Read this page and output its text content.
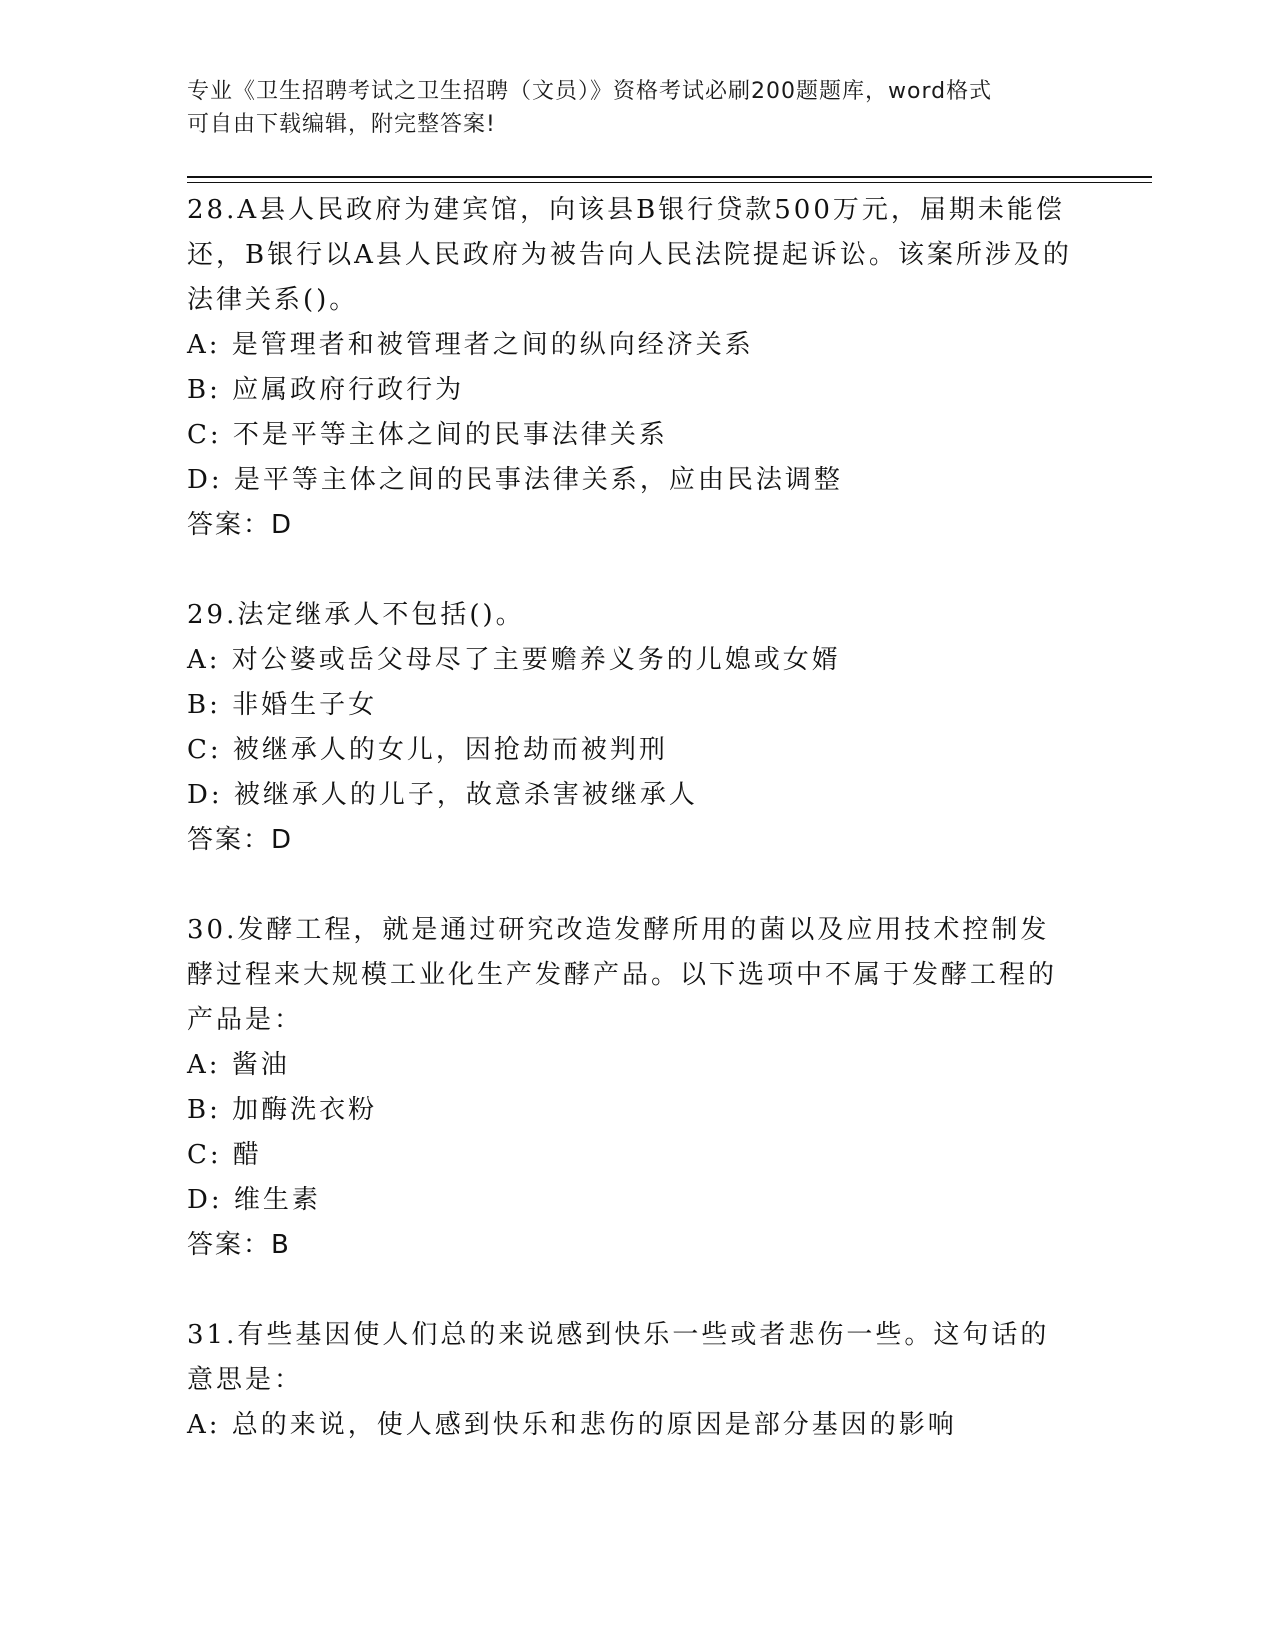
专业《卫生招聘考试之卫生招聘（文员）》资格考试必刷200题题库，word格式
可自由下载编辑，附完整答案!
28.A县人民政府为建宾馆，向该县B银行贷款500万元，届期未能偿还，B银行以A县人民政府为被告向人民法院提起诉讼。该案所涉及的法律关系()。
A: 是管理者和被管理者之间的纵向经济关系
B: 应属政府行政行为
C: 不是平等主体之间的民事法律关系
D: 是平等主体之间的民事法律关系，应由民法调整
答案：D
29.法定继承人不包括()。
A: 对公婆或岳父母尽了主要赡养义务的儿媳或女婿
B: 非婚生子女
C: 被继承人的女儿，因抢劫而被判刑
D: 被继承人的儿子，故意杀害被继承人
答案：D
30.发酵工程，就是通过研究改造发酵所用的菌以及应用技术控制发酵过程来大规模工业化生产发酵产品。以下选项中不属于发酵工程的产品是：
A: 酱油
B: 加酶洗衣粉
C: 醋
D: 维生素
答案：B
31.有些基因使人们总的来说感到快乐一些或者悲伤一些。这句话的意思是：
A: 总的来说，使人感到快乐和悲伤的原因是部分基因的影响
